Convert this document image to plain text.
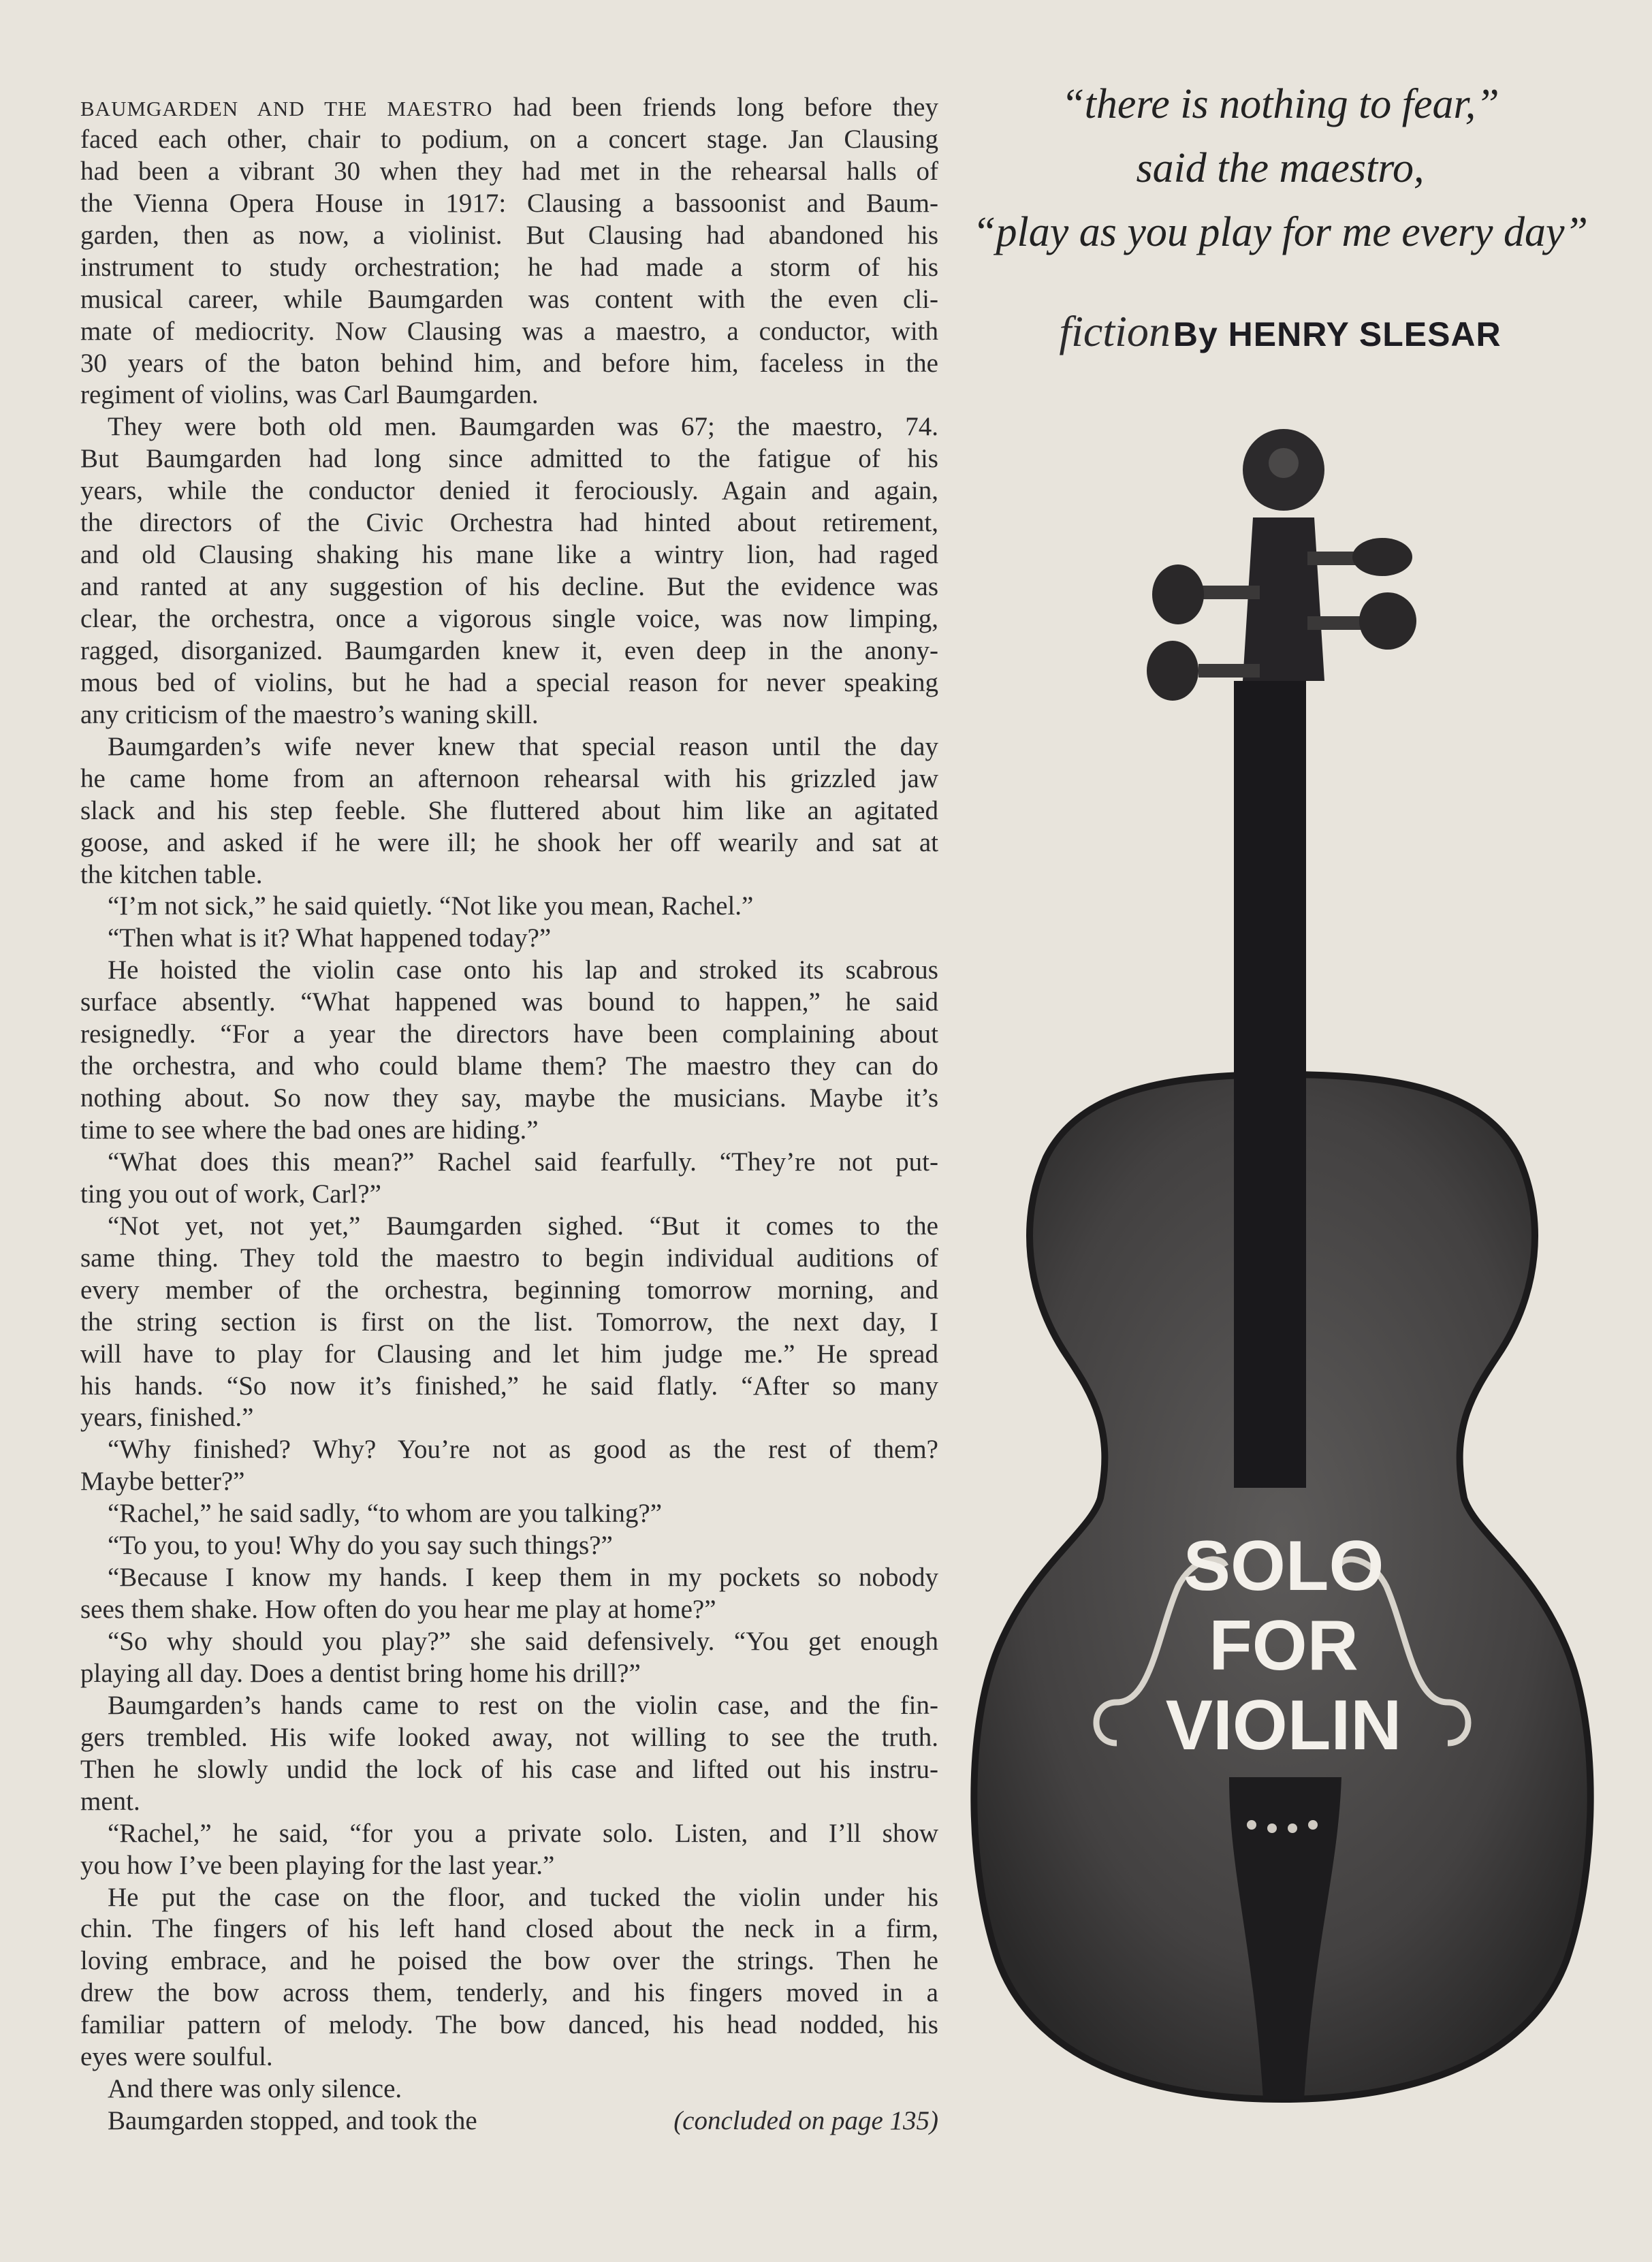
“there is nothing to fear,”
said the maestro,
“play as you play for me every day”
fiction By HENRY SLESAR
BAUMGARDEN AND THE MAESTRO had been friends long before they
faced each other, chair to podium, on a concert stage. Jan Clausing
had been a vibrant 30 when they had met in the rehearsal halls of
the Vienna Opera House in 1917: Clausing a bassoonist and Baum-
garden, then as now, a violinist. But Clausing had abandoned his
instrument to study orchestration; he had made a storm of his
musical career, while Baumgarden was content with the even cli-
mate of mediocrity. Now Clausing was a maestro, a conductor, with
30 years of the baton behind him, and before him, faceless in the
regiment of violins, was Carl Baumgarden.
They were both old men. Baumgarden was 67; the maestro, 74.
But Baumgarden had long since admitted to the fatigue of his
years, while the conductor denied it ferociously. Again and again,
the directors of the Civic Orchestra had hinted about retirement,
and old Clausing shaking his mane like a wintry lion, had raged
and ranted at any suggestion of his decline. But the evidence was
clear, the orchestra, once a vigorous single voice, was now limping,
ragged, disorganized. Baumgarden knew it, even deep in the anony-
mous bed of violins, but he had a special reason for never speaking
any criticism of the maestro’s waning skill.
Baumgarden’s wife never knew that special reason until the day
he came home from an afternoon rehearsal with his grizzled jaw
slack and his step feeble. She fluttered about him like an agitated
goose, and asked if he were ill; he shook her off wearily and sat at
the kitchen table.
“I’m not sick,” he said quietly. “Not like you mean, Rachel.”
“Then what is it? What happened today?”
He hoisted the violin case onto his lap and stroked its scabrous
surface absently. “What happened was bound to happen,” he said
resignedly. “For a year the directors have been complaining about
the orchestra, and who could blame them? The maestro they can do
nothing about. So now they say, maybe the musicians. Maybe it’s
time to see where the bad ones are hiding.”
“What does this mean?” Rachel said fearfully. “They’re not put-
ting you out of work, Carl?”
“Not yet, not yet,” Baumgarden sighed. “But it comes to the
same thing. They told the maestro to begin individual auditions of
every member of the orchestra, beginning tomorrow morning, and
the string section is first on the list. Tomorrow, the next day, I
will have to play for Clausing and let him judge me.” He spread
his hands. “So now it’s finished,” he said flatly. “After so many
years, finished.”
“Why finished? Why? You’re not as good as the rest of them?
Maybe better?”
“Rachel,” he said sadly, “to whom are you talking?”
“To you, to you! Why do you say such things?”
“Because I know my hands. I keep them in my pockets so nobody
sees them shake. How often do you hear me play at home?”
“So why should you play?” she said defensively. “You get enough
playing all day. Does a dentist bring home his drill?”
Baumgarden’s hands came to rest on the violin case, and the fin-
gers trembled. His wife looked away, not willing to see the truth.
Then he slowly undid the lock of his case and lifted out his instru-
ment.
“Rachel,” he said, “for you a private solo. Listen, and I’ll show
you how I’ve been playing for the last year.”
He put the case on the floor, and tucked the violin under his
chin. The fingers of his left hand closed about the neck in a firm,
loving embrace, and he poised the bow over the strings. Then he
drew the bow across them, tenderly, and his fingers moved in a
familiar pattern of melody. The bow danced, his head nodded, his
eyes were soulful.
And there was only silence.
(concluded on page 135)
Baumgarden stopped, and took the
SOLO
FOR
VIOLIN
